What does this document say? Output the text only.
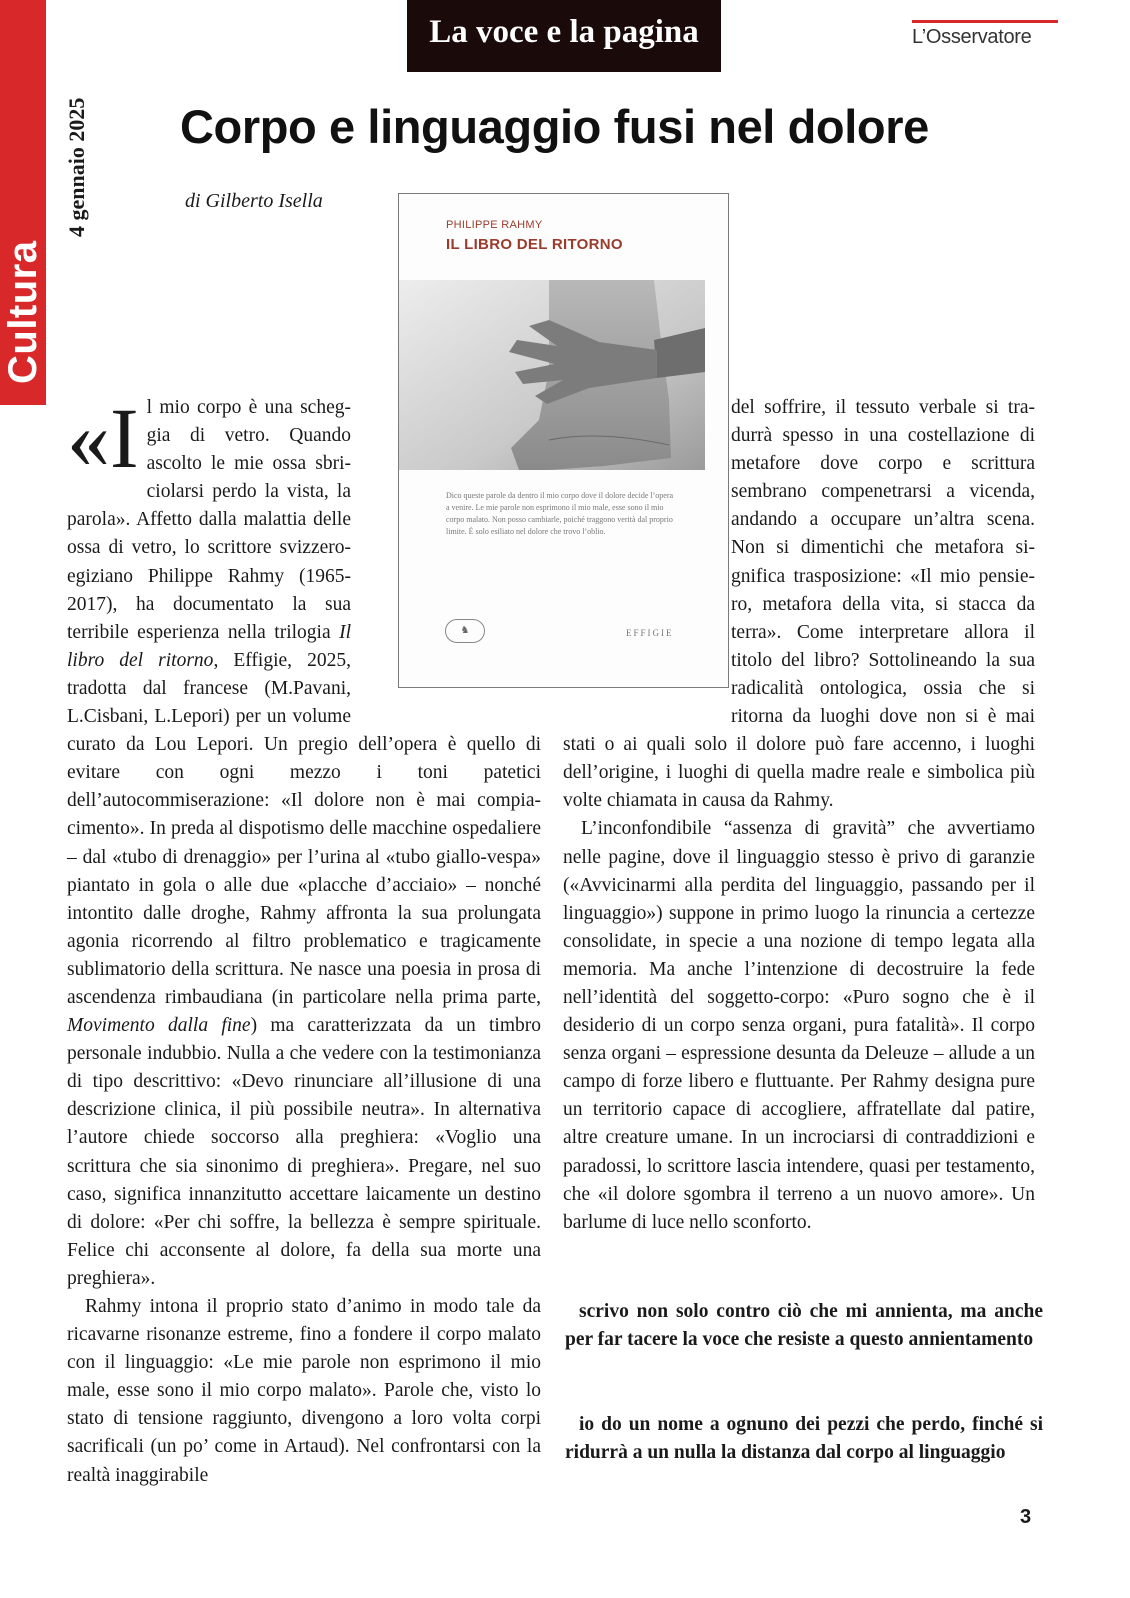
Cultura
4 gennaio 2025
La voce e la pagina	L’Osservatore
Corpo e linguaggio fusi nel dolore
di Gilberto Isella

«Il mio corpo è una scheggia di vetro. Quando ascolto le mie ossa sbriciolarsi perdo la vista, la parola». Affetto dalla malattia delle ossa di vetro, lo scrittore svizzero-egiziano Philippe Rahmy (1965-2017), ha documentato la sua terribile esperienza nella trilogia Il libro del ritorno, Effigie, 2025, tradotta dal francese (M.Pavani, L.Cisbani, L.Lepori) per un volume curato da Lou Lepori. Un pregio dell’opera è quello di evitare con ogni mezzo i toni patetici dell’autocommiserazione: «Il dolore non è mai compiacimento». In preda al dispotismo delle macchine ospedaliere – dal «tubo di drenaggio» per l’urina al «tubo giallo-vespa» piantato in gola o alle due «placche d’acciaio» – nonché intontito dalle droghe, Rahmy affronta la sua prolungata agonia ricorrendo al filtro problematico e tragicamente sublimatorio della scrittura. Ne nasce una poesia in prosa di ascendenza rimbaudiana (in particolare nella prima parte, Movimento dalla fine) ma caratterizzata da un timbro personale indubbio. Nulla a che vedere con la testimonianza di tipo descrittivo: «Devo rinunciare all’illusione di una descrizione clinica, il più possibile neutra». In alternativa l’autore chiede soccorso alla preghiera: «Voglio una scrittura che sia sinonimo di preghiera». Pregare, nel suo caso, significa innanzitutto accettare laicamente un destino di dolore: «Per chi soffre, la bellezza è sempre spirituale. Felice chi acconsente al dolore, fa della sua morte una preghiera».

Rahmy intona il proprio stato d’animo in modo tale da ricavarne risonanze estreme, fino a fondere il corpo malato con il linguaggio: «Le mie parole non esprimono il mio male, esse sono il mio corpo malato». Parole che, visto lo stato di tensione raggiunto, divengono a loro volta corpi sacrificali (un po’ come in Artaud). Nel confrontarsi con la realtà inaggirabile

del soffrire, il tessuto verbale si tradurrà spesso in una costellazione di metafore dove corpo e scrittura sembrano compenetrarsi a vicenda, andando a occupare un’altra scena. Non si dimentichi che metafora significa trasposizione: «Il mio pensiero, metafora della vita, si stacca da terra». Come interpretare allora il titolo del libro? Sottolineando la sua radicalità ontologica, ossia che si ritorna da luoghi dove non si è mai stati o ai quali solo il dolore può fare accenno, i luoghi dell’origine, i luoghi di quella madre reale e simbolica più volte chiamata in causa da Rahmy.

L’inconfondibile “assenza di gravità” che avvertiamo nelle pagine, dove il linguaggio stesso è privo di garanzie («Avvicinarmi alla perdita del linguaggio, passando per il linguaggio») suppone in primo luogo la rinuncia a certezze consolidate, in specie a una nozione di tempo legata alla memoria. Ma anche l’intenzione di decostruire la fede nell’identità del soggetto-corpo: «Puro sogno che è il desiderio di un corpo senza organi, pura fatalità». Il corpo senza organi – espressione desunta da Deleuze – allude a un campo di forze libero e fluttuante. Per Rahmy designa pure un territorio capace di accogliere, affratellate dal patire, altre creature umane. In un incrociarsi di contraddizioni e paradossi, lo scrittore lascia intendere, quasi per testamento, che «il dolore sgombra il terreno a un nuovo amore». Un barlume di luce nello sconforto.

PHILIPPE RAHMY
IL LIBRO DEL RITORNO
Dico queste parole da dentro il mio corpo dove il dolore decide l’opera a venire. Le mie parole non esprimono il mio male, esse sono il mio corpo malato. Non posso cambiarle, poiché traggono verità dal proprio limite. È solo esiliato nel dolore che trovo l’oblio.
♞	EFFIGIE
scrivo non solo contro ciò che mi annienta, ma anche per far tacere la voce che resiste a questo annientamento
io do un nome a ognuno dei pezzi che perdo, finché si ridurrà a un nulla la distanza dal corpo al linguaggio
3
